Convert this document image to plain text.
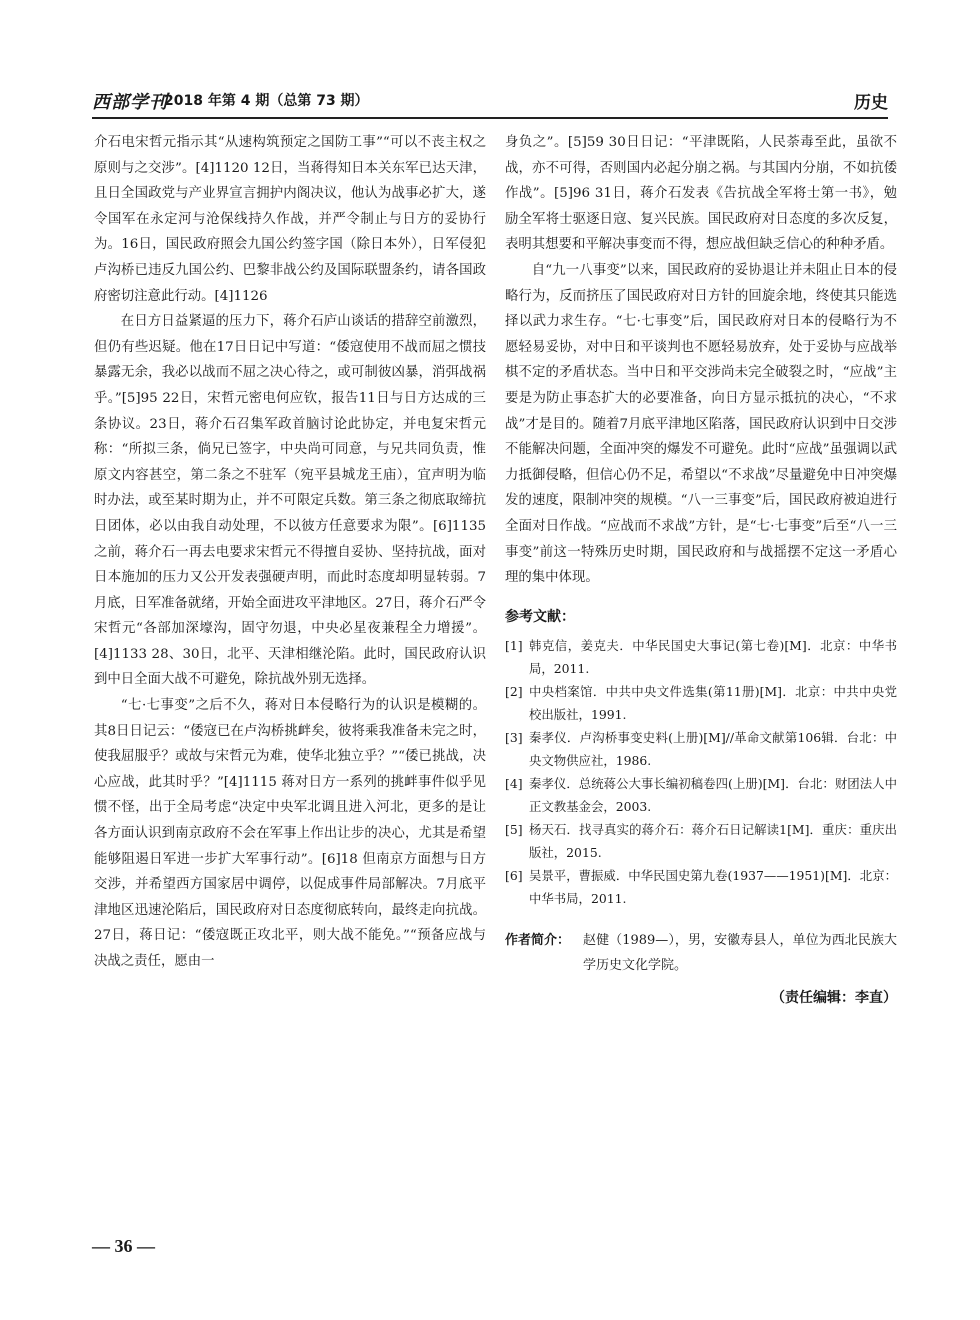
西部学刊
2018 年第 4 期（总第 73 期）	历史

介石电宋哲元指示其“从速构筑预定之国防工事”“可以不丧主权之原则与之交涉”。[4]1120 12日，当蒋得知日本关东军已达天津，且日全国政党与产业界宣言拥护内阁决议，他认为战事必扩大，遂令国军在永定河与沧保线持久作战，并严令制止与日方的妥协行为。16日，国民政府照会九国公约签字国（除日本外），日军侵犯卢沟桥已违反九国公约、巴黎非战公约及国际联盟条约，请各国政府密切注意此行动。[4]1126

在日方日益紧逼的压力下，蒋介石庐山谈话的措辞空前激烈，但仍有些迟疑。他在17日日记中写道：“倭寇使用不战而屈之惯技暴露无余，我必以战而不屈之决心待之，或可制彼凶暴，消弭战祸乎。”[5]95 22日，宋哲元密电何应钦，报告11日与日方达成的三条协议。23日，蒋介石召集军政首脑讨论此协定，并电复宋哲元称：“所拟三条，倘兄已签字，中央尚可同意，与兄共同负责，惟原文内容甚空，第二条之不驻军（宛平县城龙王庙），宜声明为临时办法，或至某时期为止，并不可限定兵数。第三条之彻底取缔抗日团体，必以由我自动处理，不以彼方任意要求为限”。[6]1135 之前，蒋介石一再去电要求宋哲元不得擅自妥协、坚持抗战，面对日本施加的压力又公开发表强硬声明，而此时态度却明显转弱。7月底，日军准备就绪，开始全面进攻平津地区。27日，蒋介石严令宋哲元“各部加深壕沟，固守勿退，中央必星夜兼程全力增援”。[4]1133 28、30日，北平、天津相继沦陷。此时，国民政府认识到中日全面大战不可避免，除抗战外别无选择。

“七·七事变”之后不久，蒋对日本侵略行为的认识是模糊的。其8日日记云：“倭寇已在卢沟桥挑衅矣，彼将乘我准备未完之时，使我屈服乎？或故与宋哲元为难，使华北独立乎？”“倭已挑战，决心应战，此其时乎？”[4]1115 蒋对日方一系列的挑衅事件似乎见惯不怪，出于全局考虑“决定中央军北调且进入河北，更多的是让各方面认识到南京政府不会在军事上作出让步的决心，尤其是希望能够阻遏日军进一步扩大军事行动”。[6]18 但南京方面想与日方交涉，并希望西方国家居中调停，以促成事件局部解决。7月底平津地区迅速沦陷后，国民政府对日态度彻底转向，最终走向抗战。27日，蒋日记：“倭寇既正攻北平，则大战不能免。”“预备应战与决战之责任，愿由一

身负之”。[5]59 30日日记：“平津既陷，人民荼毒至此，虽欲不战，亦不可得，否则国内必起分崩之祸。与其国内分崩，不如抗倭作战”。[5]96 31日，蒋介石发表《告抗战全军将士第一书》，勉励全军将士驱逐日寇、复兴民族。国民政府对日态度的多次反复，表明其想要和平解决事变而不得，想应战但缺乏信心的种种矛盾。

自“九一八事变”以来，国民政府的妥协退让并未阻止日本的侵略行为，反而挤压了国民政府对日方针的回旋余地，终使其只能选择以武力求生存。“七·七事变”后，国民政府对日本的侵略行为不愿轻易妥协，对中日和平谈判也不愿轻易放弃，处于妥协与应战举棋不定的矛盾状态。当中日和平交涉尚未完全破裂之时，“应战”主要是为防止事态扩大的必要准备，向日方显示抵抗的决心，“不求战”才是目的。随着7月底平津地区陷落，国民政府认识到中日交涉不能解决问题，全面冲突的爆发不可避免。此时“应战”虽强调以武力抵御侵略，但信心仍不足，希望以“不求战”尽量避免中日冲突爆发的速度，限制冲突的规模。“八一三事变”后，国民政府被迫进行全面对日作战。“应战而不求战”方针，是“七·七事变”后至“八一三事变”前这一特殊历史时期，国民政府和与战摇摆不定这一矛盾心理的集中体现。

参考文献：
[1] 韩克信，姜克夫．中华民国史大事记(第七卷)[M]．北京：中华书局，2011.
[2] 中央档案馆．中共中央文件选集(第11册)[M]．北京：中共中央党校出版社，1991.
[3] 秦孝仪．卢沟桥事变史料(上册)[M]//革命文献第106辑．台北：中央文物供应社，1986.
[4] 秦孝仪．总统蒋公大事长编初稿卷四(上册)[M]．台北：财团法人中正文教基金会，2003.
[5] 杨天石．找寻真实的蒋介石：蒋介石日记解读1[M]．重庆：重庆出版社，2015.
[6] 吴景平，曹振威．中华民国史第九卷(1937——1951)[M]．北京：中华书局，2011.
作者简介： 赵健（1989—），男，安徽寿县人，单位为西北民族大学历史文化学院。
（责任编辑：李直）
— 36 —
